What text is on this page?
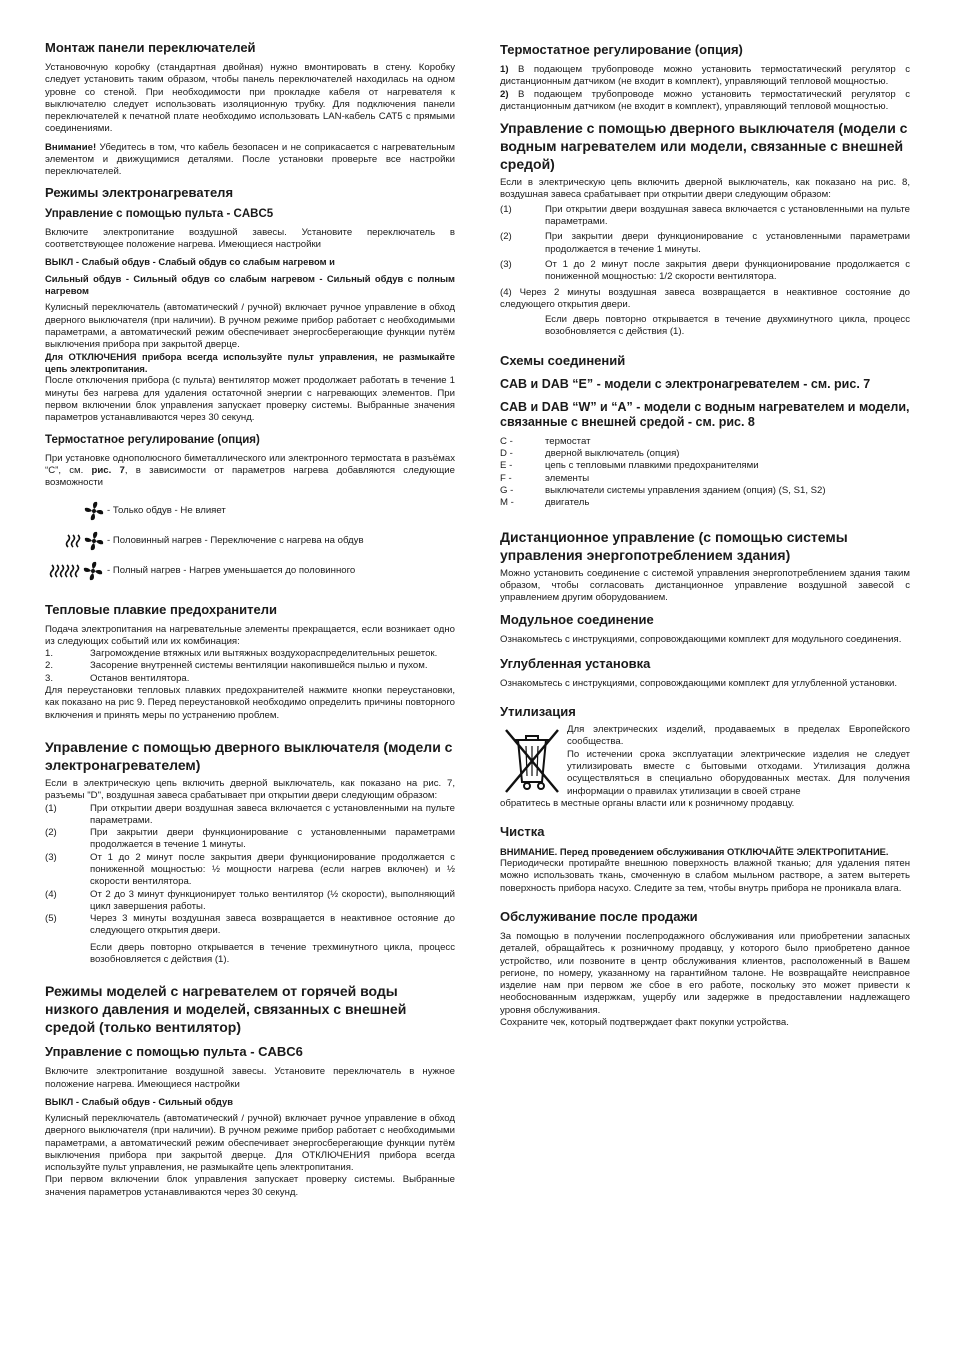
Монтаж панели переключателей

Установочную коробку (стандартная двойная) нужно вмонтировать в стену. Коробку следует установить таким образом, чтобы панель переключателей находилась на одном уровне со стеной. При необходимости при прокладке кабеля от нагревателя к выключателю следует использовать изоляционную трубку. Для подключения панели переключателей к печатной плате необходимо использовать LAN-кабель CAT5 с прямыми соединениями.

Внимание! Убедитесь в том, что кабель безопасен и не соприкасается с нагревательным элементом и движущимися деталями. После установки проверьте все настройки переключателей.

Режимы электронагревателя
Управление с помощью пульта - CABC5

Включите электропитание воздушной завесы. Установите переключатель в соответствующее положение нагрева. Имеющиеся настройки

ВЫКЛ - Слабый обдув - Слабый обдув со слабым нагревом и

Сильный обдув - Сильный обдув со слабым нагревом - Сильный обдув с полным нагревом

Кулисный переключатель (автоматический / ручной) включает ручное управление в обход дверного выключателя (при наличии). В ручном режиме прибор работает с необходимыми параметрами, а автоматический режим обеспечивает энергосберегающие функции путём выключения прибора при закрытой дверце.

Для ОТКЛЮЧЕНИЯ прибора всегда используйте пульт управления, не размыкайте цепь электропитания.

После отключения прибора (с пульта) вентилятор может продолжает работать в течение 1 минуты без нагрева для удаления остаточной энергии с нагревающих элементов. При первом включении блок управления запускает проверку системы. Выбранные значения параметров устанавливаются через 30 секунд.

Термостатное регулирование (опция)

При установке однополюсного биметаллического или электронного термостата в разъёмах “C”, см. рис. 7, в зависимости от параметров нагрева добавляются следующие возможности

- Только обдув - Не влияет
- Половинный нагрев - Переключение с нагрева на обдув
- Полный нагрев - Нагрев уменьшается до половинного
Тепловые плавкие предохранители

Подача электропитания на нагревательные элементы прекращается, если возникает одно из следующих событий или их комбинация:

1.	Загромождение втяжных или вытяжных воздухораспределительных решеток.
2.	Засорение внутренней системы вентиляции накопившейся пылью и пухом.
3.	Останов вентилятора.

Для переустановки тепловых плавких предохранителей нажмите кнопки переустановки, как показано на рис 9. Перед переустановкой необходимо определить причины повторного включения и принять меры по устранению проблем.

Управление с помощью дверного выключателя (модели с электронагревателем)

Если в электрическую цепь включить дверной выключатель, как показано на рис. 7, разъемы "D", воздушная завеса срабатывает при открытии двери следующим образом:

(1)	При открытии двери воздушная завеса включается с установленными на пульте параметрами.
(2)	При закрытии двери функционирование с установленными параметрами продолжается в течение 1 минуты.
(3)	От 1 до 2 минут после закрытия двери функционирование продолжается с пониженной мощностью: ½ мощности нагрева (если нагрев включен) и ½ скорости вентилятора.
(4)	От 2 до 3 минут функционирует только вентилятор (½ скорости), выполняющий цикл завершения работы.
(5)	Через 3 минуты воздушная завеса возвращается в неактивное остояние до следующего открытия двери.

Если дверь повторно открывается в течение трехминутного цикла, процесс возобновляется с действия (1).

Режимы моделей с нагревателем от горячей воды низкого давления и моделей, связанных с внешней средой (только вентилятор)
Управление с помощью пульта - CABC6

Включите электропитание воздушной завесы. Установите переключатель в нужное положение нагрева. Имеющиеся настройки

ВЫКЛ - Слабый обдув - Сильный обдув

Кулисный переключатель (автоматический / ручной) включает ручное управление в обход дверного выключателя (при наличии). В ручном режиме прибор работает с необходимыми параметрами, а автоматический режим обеспечивает энергосберегающие функции путём выключения прибора при закрытой дверце. Для ОТКЛЮЧЕНИЯ прибора всегда используйте пульт управления, не размыкайте цепь электропитания.

При первом включении блок управления запускает проверку системы. Выбранные значения параметров устанавливаются через 30 секунд.

Термостатное регулирование (опция)

1) В подающем трубопроводе можно установить термостатический регулятор с дистанционным датчиком (не входит в комплект), управляющий тепловой мощностью.

2) В подающем трубопроводе можно установить термостатический регулятор с дистанционным датчиком (не входит в комплект), управляющий тепловой мощностью.

Управление с помощью дверного выключателя (модели с водным нагревателем или модели, связанные с внешней средой)

Если в электрическую цепь включить дверной выключатель, как показано на рис. 8, воздушная завеса срабатывает при открытии двери следующим образом:

(1)	При открытии двери воздушная завеса включается с установленными на пульте параметрами.
(2)	При закрытии двери функционирование с установленными параметрами продолжается в течение 1 минуты.
(3)	От 1 до 2 минут после закрытия двери функционирование продолжается с пониженной мощностью: 1/2 скорости вентилятора.

(4) Через 2 минуты воздушная завеса возвращается в неактивное состояние до следующего открытия двери.

Если дверь повторно открывается в течение двухминутного цикла, процесс возобновляется с действия (1).

Схемы соединений
CAB и DAB “E” - модели с электронагревателем - см. рис. 7
CAB и DAB “W” и “A” - модели с водным нагревателем и модели, связанные с внешней средой - см. рис. 8
C -	термостат
D -	дверной выключатель (опция)
E -	цепь с тепловыми плавкими предохранителями
F -	элементы
G -	выключатели системы управления зданием (опция) (S, S1, S2)
M -	двигатель
Дистанционное управление (с помощью системы управления энергопотреблением здания)

Можно установить соединение с системой управления энергопотреблением здания таким образом, чтобы согласовать дистанционное управление воздушной завесой с управлением другим оборудованием.

Модульное соединение

Ознакомьтесь с инструкциями, сопровождающими комплект для модульного соединения.

Углубленная установка

Ознакомьтесь с инструкциями, сопровождающими комплект для углубленной установки.

Утилизация

Для электрических изделий, продаваемых в пределах Европейского сообщества.

По истечении срока эксплуатации электрические изделия не следует утилизировать вместе с бытовыми отходами. Утилизация должна осуществляться в специально оборудованных местах. Для получения информации о правилах утилизации в своей стране

обратитесь в местные органы власти или к розничному продавцу.

Чистка

ВНИМАНИЕ. Перед проведением обслуживания ОТКЛЮЧАЙТЕ ЭЛЕКТРОПИТАНИЕ.

Периодически протирайте внешнюю поверхность влажной тканью; для удаления пятен можно использовать ткань, смоченную в слабом мыльном растворе, а затем вытереть поверхность прибора насухо. Следите за тем, чтобы внутрь прибора не проникала влага.

Обслуживание после продажи

За помощью в получении послепродажного обслуживания или приобретении запасных деталей, обращайтесь к розничному продавцу, у которого было приобретено данное устройство, или позвоните в центр обслуживания клиентов, расположенный в Вашем регионе, по номеру, указанному на гарантийном талоне. Не возвращайте неисправное изделие нам при первом же сбое в его работе, поскольку это может привести к необоснованным издержкам, ущербу или задержке в предоставлении надлежащего уровня обслуживания.

Сохраните чек, который подтверждает факт покупки устройства.
